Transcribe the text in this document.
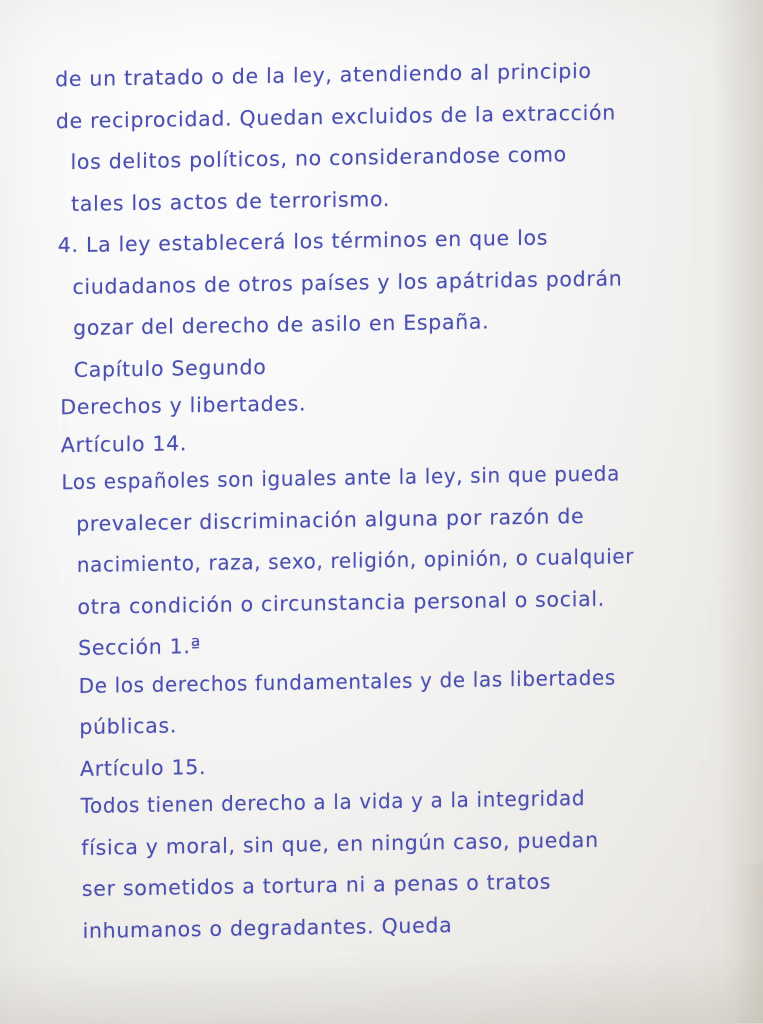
de un tratado o de la ley, atendiendo al principio
de reciprocidad. Quedan excluidos de la extracción
los delitos políticos, no considerandose como
tales los actos de terrorismo.
4. La ley establecerá los términos en que los
ciudadanos de otros países y los apátridas podrán
gozar del derecho de asilo en España.
Capítulo Segundo
Derechos y libertades.
Artículo 14.
Los españoles son iguales ante la ley, sin que pueda
prevalecer discriminación alguna por razón de
nacimiento, raza, sexo, religión, opinión, o cualquier
otra condición o circunstancia personal o social.
Sección 1.ª
De los derechos fundamentales y de las libertades
públicas.
Artículo 15.
Todos tienen derecho a la vida y a la integridad
física y moral, sin que, en ningún caso, puedan
ser sometidos a tortura ni a penas o tratos
inhumanos o degradantes. Queda
